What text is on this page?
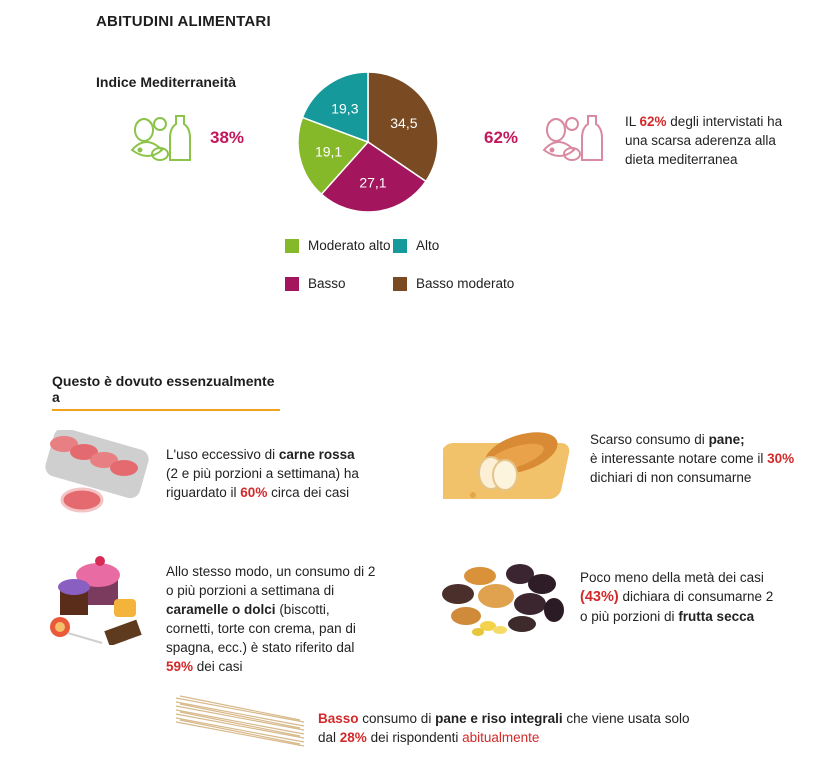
ABITUDINI ALIMENTARI
Indice Mediterraneità
38%
34,5
27,1
19,1
19,3
62%
IL 62% degli intervistati ha una scarsa aderenza alla dieta mediterranea
Moderato alto Alto
Basso	Basso moderato
Questo è dovuto essenzualmente a
L'uso eccessivo di carne rossa (2 e più porzioni a settimana) ha riguardato il 60% circa dei casi
Scarso consumo di pane;
è interessante notare come il 30%
dichiari di non consumarne
Allo stesso modo, un consumo di 2 o più porzioni a settimana di caramelle o dolci (biscotti, cornetti, torte con crema, pan di spagna, ecc.) è stato riferito dal 59% dei casi
Poco meno della metà dei casi (43%) dichiara di consumarne 2 o più porzioni di frutta secca
Basso consumo di pane e riso integrali che viene usata solo dal 28% dei rispondenti abitualmente
